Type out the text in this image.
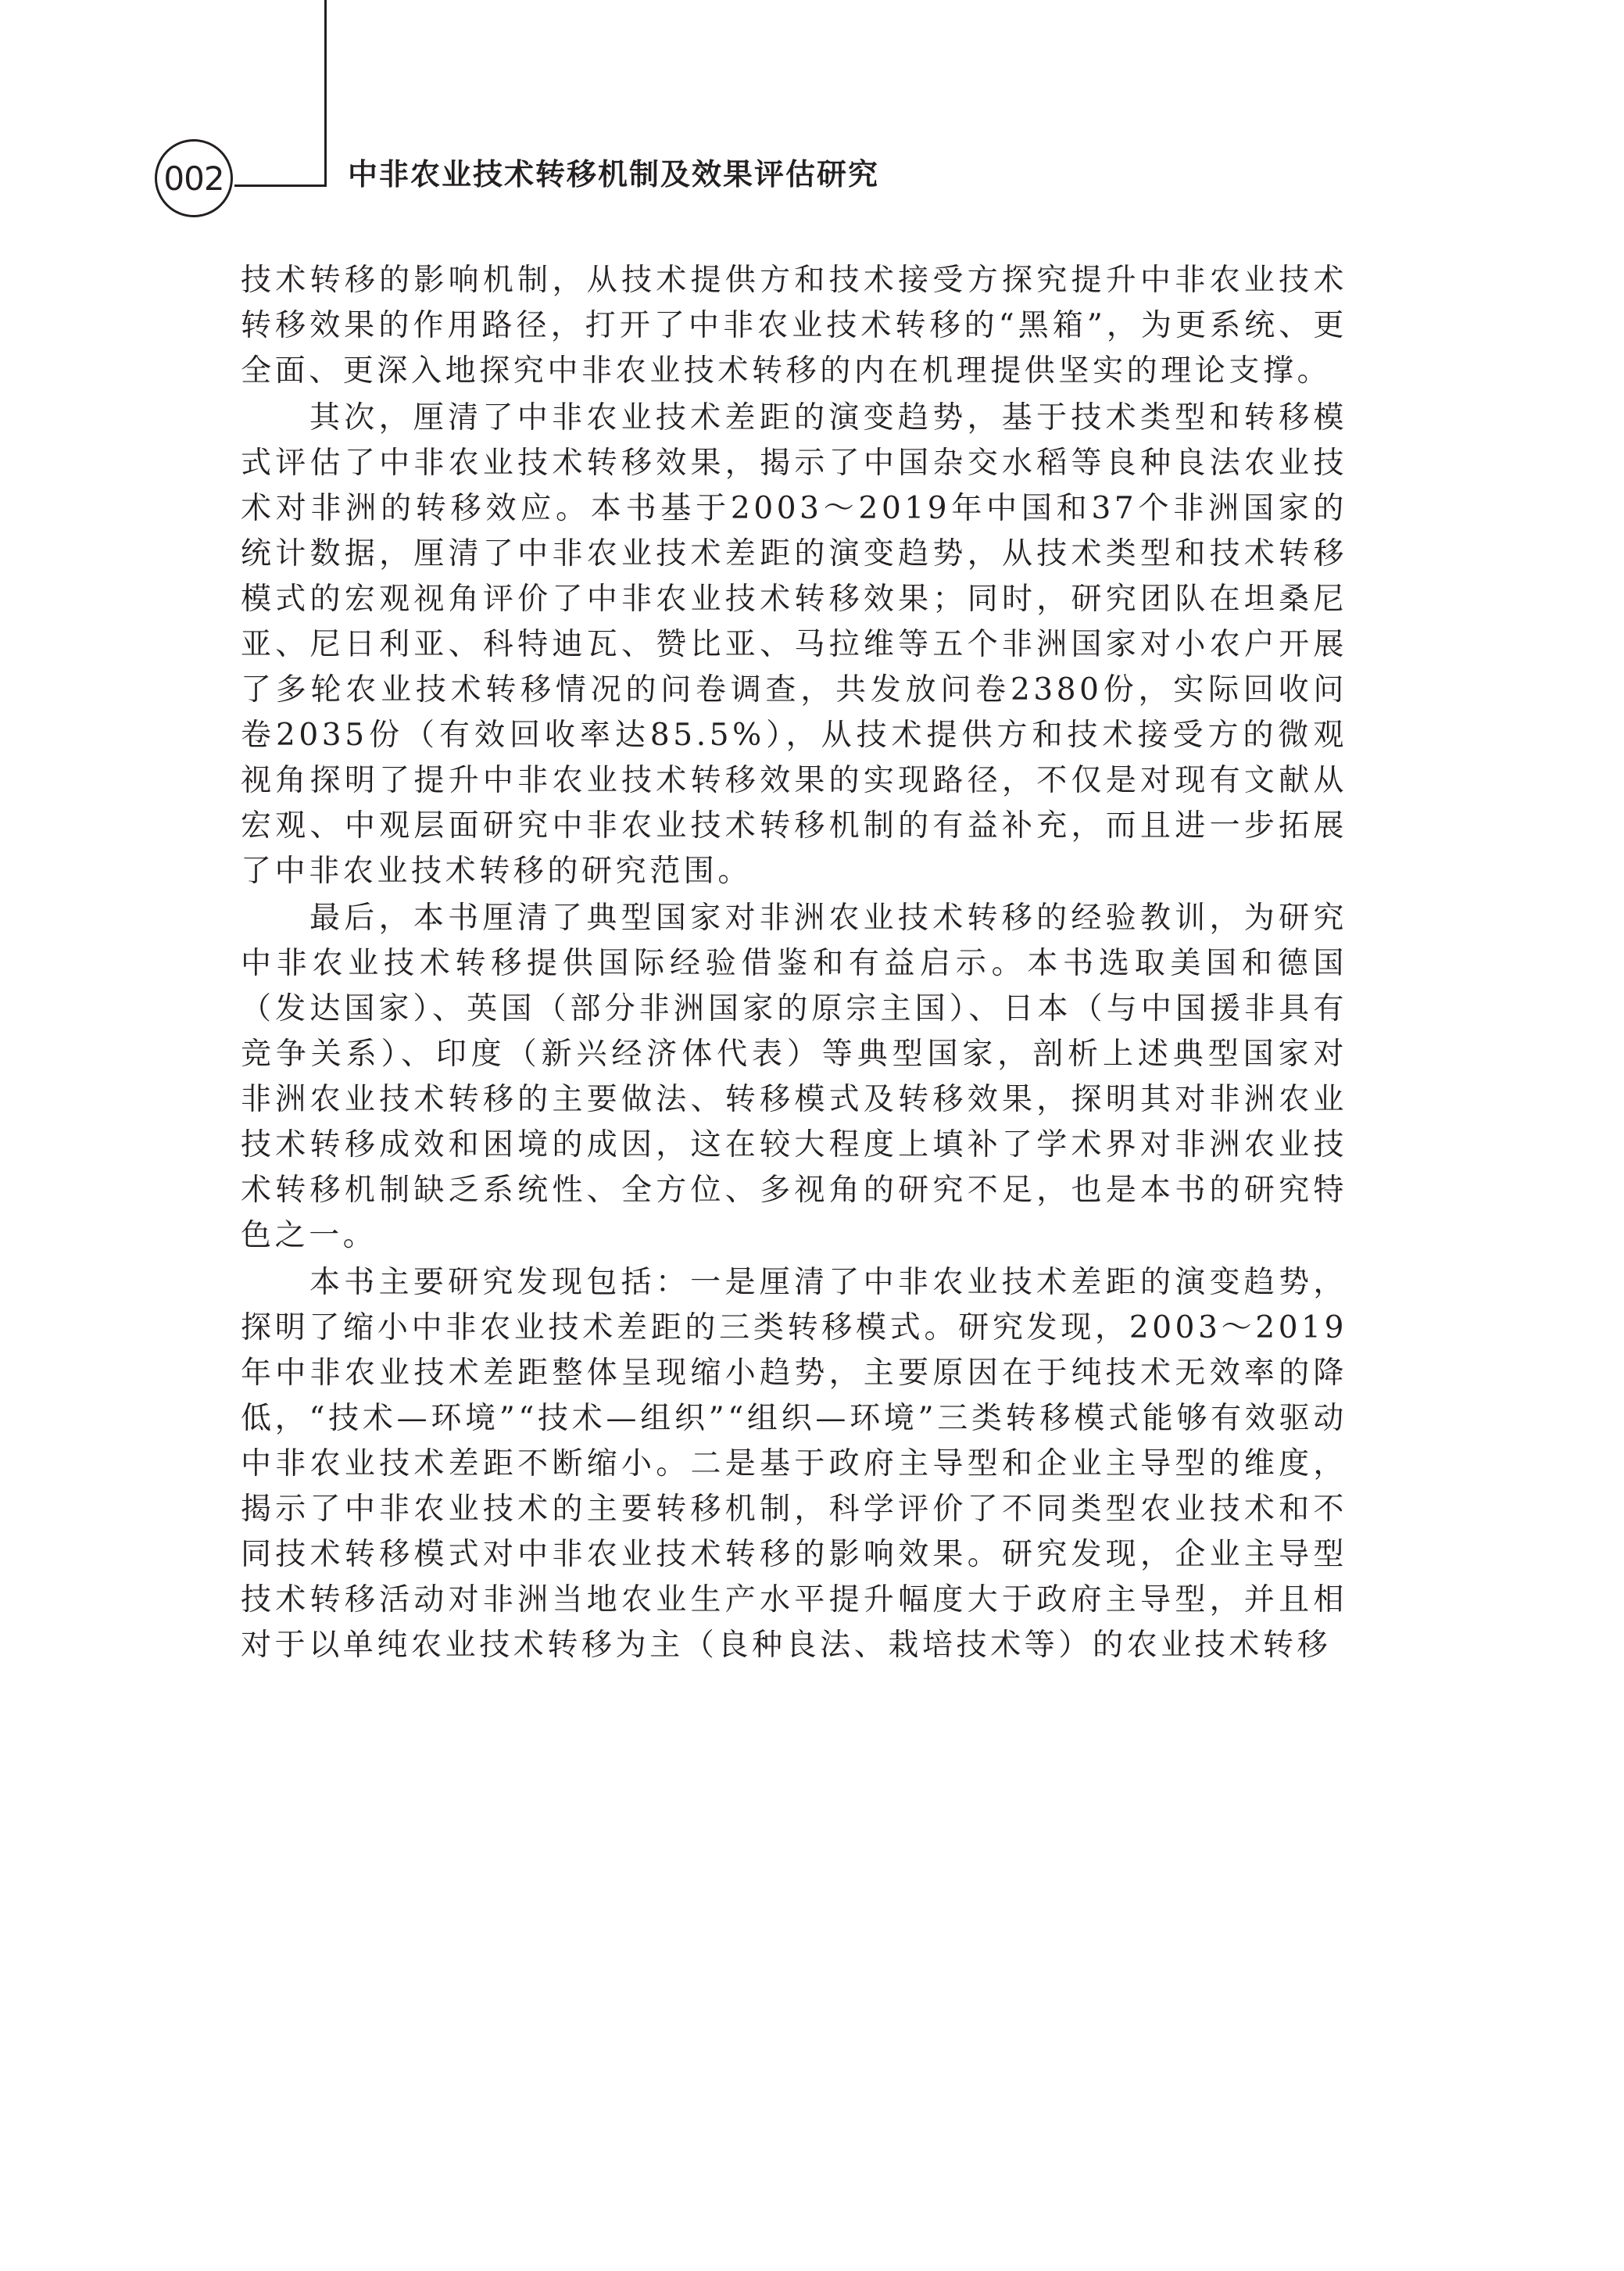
002	中非农业技术转移机制及效果评估研究

技术转移的影响机制，从技术提供方和技术接受方探究提升中非农业技术转移效果的作用路径，打开了中非农业技术转移的“黑箱”，为更系统、更全面、更深入地探究中非农业技术转移的内在机理提供坚实的理论支撑。

其次，厘清了中非农业技术差距的演变趋势，基于技术类型和转移模式评估了中非农业技术转移效果，揭示了中国杂交水稻等良种良法农业技术对非洲的转移效应。本书基于2003～2019年中国和37个非洲国家的统计数据，厘清了中非农业技术差距的演变趋势，从技术类型和技术转移模式的宏观视角评价了中非农业技术转移效果；同时，研究团队在坦桑尼亚、尼日利亚、科特迪瓦、赞比亚、马拉维等五个非洲国家对小农户开展了多轮农业技术转移情况的问卷调查，共发放问卷2380份，实际回收问卷2035份（有效回收率达85.5%），从技术提供方和技术接受方的微观视角探明了提升中非农业技术转移效果的实现路径，不仅是对现有文献从宏观、中观层面研究中非农业技术转移机制的有益补充，而且进一步拓展了中非农业技术转移的研究范围。

最后，本书厘清了典型国家对非洲农业技术转移的经验教训，为研究中非农业技术转移提供国际经验借鉴和有益启示。本书选取美国和德国（发达国家）、英国（部分非洲国家的原宗主国）、日本（与中国援非具有竞争关系）、印度（新兴经济体代表）等典型国家，剖析上述典型国家对非洲农业技术转移的主要做法、转移模式及转移效果，探明其对非洲农业技术转移成效和困境的成因，这在较大程度上填补了学术界对非洲农业技术转移机制缺乏系统性、全方位、多视角的研究不足，也是本书的研究特色之一。

本书主要研究发现包括：一是厘清了中非农业技术差距的演变趋势，探明了缩小中非农业技术差距的三类转移模式。研究发现，2003～2019年中非农业技术差距整体呈现缩小趋势，主要原因在于纯技术无效率的降低，“技术—环境”“技术—组织”“组织—环境”三类转移模式能够有效驱动中非农业技术差距不断缩小。二是基于政府主导型和企业主导型的维度，揭示了中非农业技术的主要转移机制，科学评价了不同类型农业技术和不同技术转移模式对中非农业技术转移的影响效果。研究发现，企业主导型技术转移活动对非洲当地农业生产水平提升幅度大于政府主导型，并且相对于以单纯农业技术转移为主（良种良法、栽培技术等）的农业技术转移
